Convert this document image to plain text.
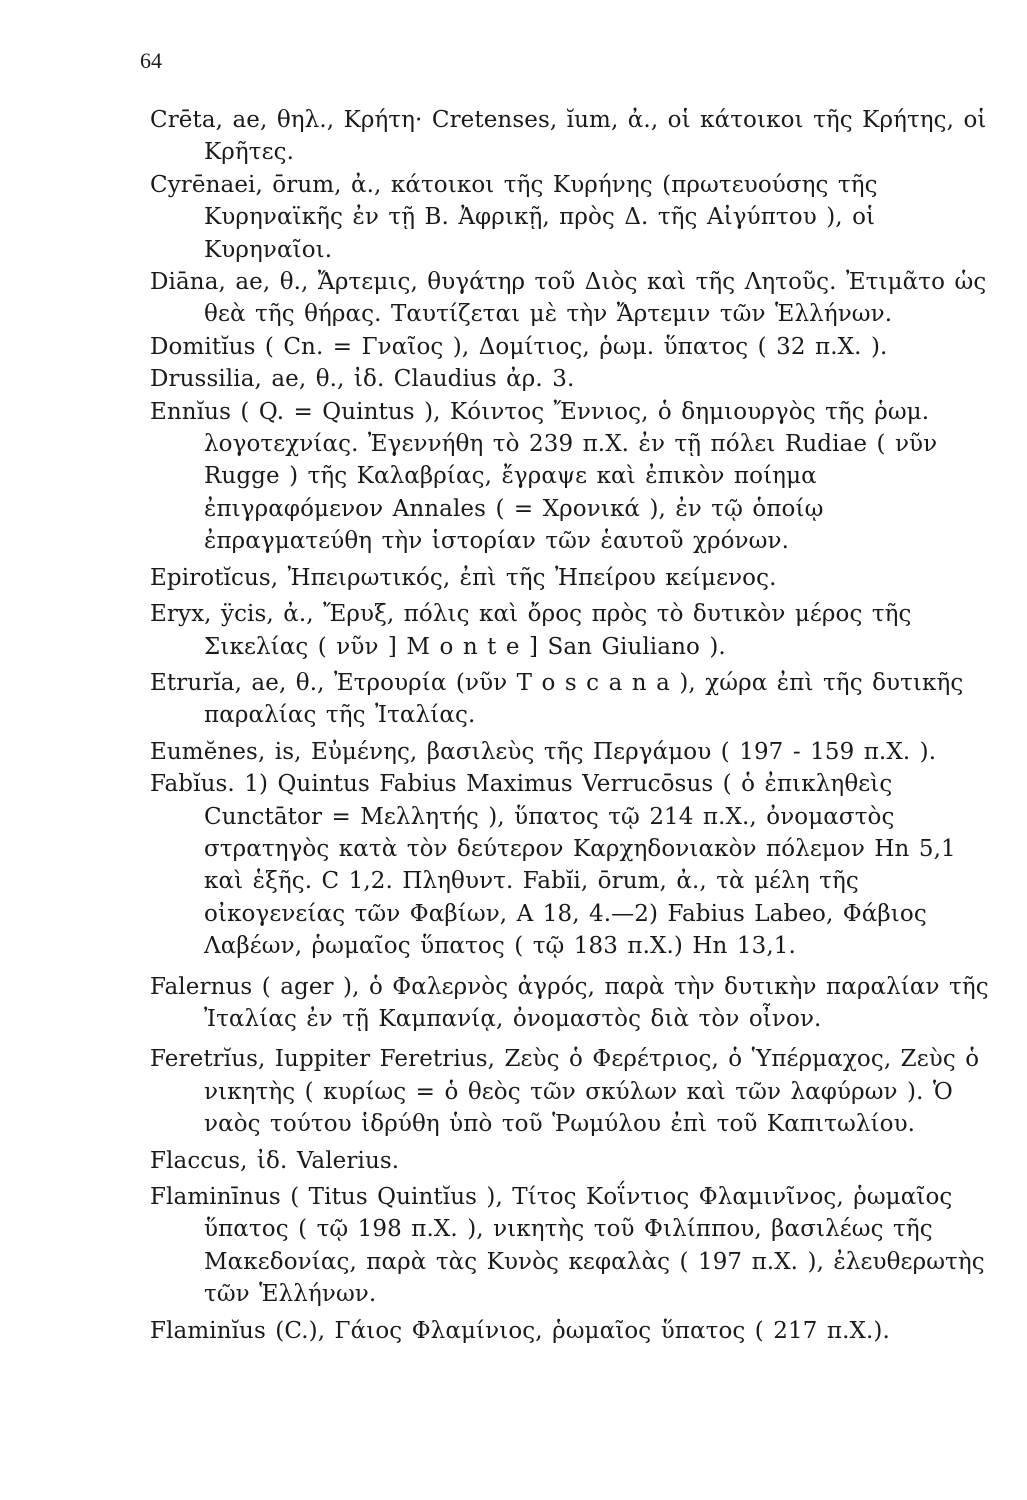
64

Crēta, ae, θηλ., Κρήτη· Cretenses, ĭum, ἀ., οἱ κάτοικοι τῆς Κρήτης, οἱ Κρῆτες.

Cyrēnaei, ōrum, ἀ., κάτοικοι τῆς Κυρήνης (πρωτευούσης τῆς Κυρηναϊκῆς ἐν τῇ Β. Ἀφρικῇ, πρὸς Δ. τῆς Αἰγύπτου ), οἱ Κυρηναῖοι.

Diāna, ae, θ., Ἄρτεμις, θυγάτηρ τοῦ Διὸς καὶ τῆς Λητοῦς. Ἐτιμᾶτο ὡς θεὰ τῆς θήρας. Ταυτίζεται μὲ τὴν Ἄρτεμιν τῶν Ἑλλήνων.

Domitĭus ( Cn. = Γναῖος ), Δομίτιος, ῥωμ. ὕπατος ( 32 π.Χ. ).

Drussilia, ae, θ., ἰδ. Claudius ἀρ. 3.

Ennĭus ( Q. = Quintus ), Κόιντος Ἔννιος, ὁ δημιουργὸς τῆς ῥωμ. λογοτεχνίας. Ἐγεννήθη τὸ 239 π.Χ. ἐν τῇ πόλει Rudiae ( νῦν Rugge ) τῆς Καλαβρίας, ἔγραψε καὶ ἐπικὸν ποίημα ἐπιγραφόμενον Annales ( = Χρονικά ), ἐν τῷ ὁποίῳ ἐπραγματεύθη τὴν ἱστορίαν τῶν ἑαυτοῦ χρόνων.

Epirotĭcus, Ἠπειρωτικός, ἐπὶ τῆς Ἠπείρου κείμενος.

Eryx, ÿcis, ἀ., Ἔρυξ, πόλις καὶ ὄρος πρὸς τὸ δυτικὸν μέρος τῆς Σικελίας ( νῦν ] M o n t e ] San Giuliano ).

Etrurĭa, ae, θ., Ἐτρουρία (νῦν T o s c a n a ), χώρα ἐπὶ τῆς δυτικῆς παραλίας τῆς Ἰταλίας.

Eumĕnes, is, Εὐμένης, βασιλεὺς τῆς Περγάμου ( 197 - 159 π.Χ. ).

Fabĭus. 1) Quintus Fabius Maximus Verrucōsus ( ὁ ἐπικληθεὶς Cunctātor = Μελλητής ), ὕπατος τῷ 214 π.Χ., ὀνομαστὸς στρατηγὸς κατὰ τὸν δεύτερον Καρχηδονιακὸν πόλεμον Hn 5,1 καὶ ἑξῆς. C 1,2. Πληθυντ. Fabĭi, ōrum, ἀ., τὰ μέλη τῆς οἰκογενείας τῶν Φαβίων, A 18, 4.—2) Fabius Labeo, Φάβιος Λαβέων, ῥωμαῖος ὕπατος ( τῷ 183 π.Χ.) Hn 13,1.

Falernus ( ager ), ὁ Φαλερνὸς ἀγρός, παρὰ τὴν δυτικὴν παραλίαν τῆς Ἰταλίας ἐν τῇ Καμπανίᾳ, ὀνομαστὸς διὰ τὸν οἶνον.

Feretrĭus, Iuppiter Feretrius, Ζεὺς ὁ Φερέτριος, ὁ Ὑπέρμαχος, Ζεὺς ὁ νικητὴς ( κυρίως = ὁ θεὸς τῶν σκύλων καὶ τῶν λαφύρων ). Ὁ ναὸς τούτου ἱδρύθη ὑπὸ τοῦ Ῥωμύλου ἐπὶ τοῦ Καπιτωλίου.

Flaccus, ἰδ. Valerius.

Flaminīnus ( Titus Quintĭus ), Τίτος Κοΐντιος Φλαμινῖνος, ῥωμαῖος ὕπατος ( τῷ 198 π.Χ. ), νικητὴς τοῦ Φιλίππου, βασιλέως τῆς Μακεδονίας, παρὰ τὰς Κυνὸς κεφαλὰς ( 197 π.Χ. ), ἐλευθερωτὴς τῶν Ἑλλήνων.

Flaminĭus (C.), Γάιος Φλαμίνιος, ῥωμαῖος ὕπατος ( 217 π.Χ.).
